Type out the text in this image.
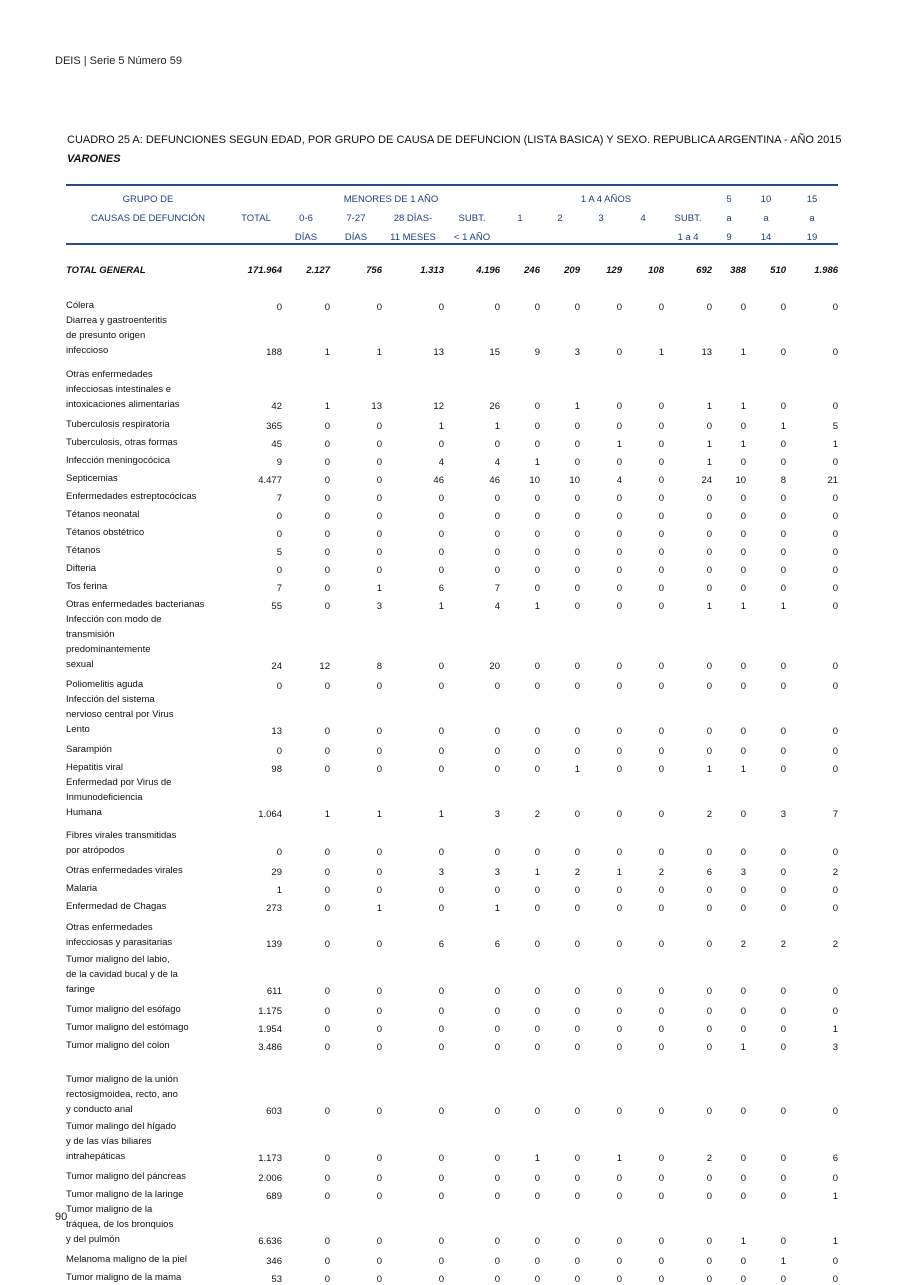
DEIS | Serie 5 Número 59
CUADRO 25 A: DEFUNCIONES SEGUN EDAD, POR GRUPO DE CAUSA DE DEFUNCION (LISTA BASICA) Y SEXO. REPUBLICA ARGENTINA - AÑO 2015
VARONES
GRUPO DE		MENORES DE 1 AÑO				1 A 4 AÑOS					5	10	15
CAUSAS DE DEFUNCIÓN	TOTAL	0-6	7-27	28 DÍAS-	SUBT.	1	2	3	4	SUBT.	a	a	a
		DÍAS	DÍAS	11 MESES	< 1 AÑO					1 a 4	9	14	19

TOTAL GENERAL	171.964	2.127	756	1.313	4.196	246	209	129	108	692	388	510	1.986

Cólera	0	0	0	0	0	0	0	0	0	0	0	0	0
Diarrea y gastroenteritis de presunto origen infeccioso	188	1	1	13	15	9	3	0	1	13	1	0	0
Otras enfermedades infecciosas intestinales e intoxicaciones alimentarias	42	1	13	12	26	0	1	0	0	1	1	0	0
Tuberculosis respiratoria	365	0	0	1	1	0	0	0	0	0	0	1	5
Tuberculosis, otras formas	45	0	0	0	0	0	0	1	0	1	1	0	1
Infección meningocócica	9	0	0	4	4	1	0	0	0	1	0	0	0
Septicemias	4.477	0	0	46	46	10	10	4	0	24	10	8	21
Enfermedades estreptocócicas	7	0	0	0	0	0	0	0	0	0	0	0	0
Tétanos neonatal	0	0	0	0	0	0	0	0	0	0	0	0	0
Tétanos obstétrico	0	0	0	0	0	0	0	0	0	0	0	0	0
Tétanos	5	0	0	0	0	0	0	0	0	0	0	0	0
Difteria	0	0	0	0	0	0	0	0	0	0	0	0	0
Tos ferina	7	0	1	6	7	0	0	0	0	0	0	0	0
Otras enfermedades bacterianas	55	0	3	1	4	1	0	0	0	1	1	1	0
Infección con modo de transmisión predominantemente sexual	24	12	8	0	20	0	0	0	0	0	0	0	0
Poliomelitis aguda	0	0	0	0	0	0	0	0	0	0	0	0	0
Infección del sistema nervioso central por Virus Lento	13	0	0	0	0	0	0	0	0	0	0	0	0
Sarampión	0	0	0	0	0	0	0	0	0	0	0	0	0
Hepatitis viral	98	0	0	0	0	0	1	0	0	1	1	0	0
Enfermedad por Virus de Inmunodeficiencia Humana	1.064	1	1	1	3	2	0	0	0	2	0	3	7
Fibres virales transmitidas por atrópodos	0	0	0	0	0	0	0	0	0	0	0	0	0
Otras enfermedades virales	29	0	0	3	3	1	2	1	2	6	3	0	2
Malaria	1	0	0	0	0	0	0	0	0	0	0	0	0
Enfermedad de Chagas	273	0	1	0	1	0	0	0	0	0	0	0	0
Otras enfermedades infecciosas y parasitarias	139	0	0	6	6	0	0	0	0	0	2	2	2
Tumor maligno del labio, de la cavidad bucal y de la faringe	611	0	0	0	0	0	0	0	0	0	0	0	0
Tumor maligno del esófago	1.175	0	0	0	0	0	0	0	0	0	0	0	0
Tumor maligno del estómago	1.954	0	0	0	0	0	0	0	0	0	0	0	1
Tumor maligno del colon	3.486	0	0	0	0	0	0	0	0	0	1	0	3
Tumor maligno de la unión rectosigmoidea, recto, ano y conducto anal	603	0	0	0	0	0	0	0	0	0	0	0	0
Tumor malingo del hígado y de las vías biliares intrahepáticas	1.173	0	0	0	0	1	0	1	0	2	0	0	6
Tumor maligno del páncreas	2.006	0	0	0	0	0	0	0	0	0	0	0	0
Tumor maligno de la laringe	689	0	0	0	0	0	0	0	0	0	0	0	1
Tumor maligno de la tráquea, de los bronquios y del pulmón	6.636	0	0	0	0	0	0	0	0	0	1	0	1
Melanoma maligno de la piel	346	0	0	0	0	0	0	0	0	0	0	1	0
Tumor maligno de la mama	53	0	0	0	0	0	0	0	0	0	0	0	0
90
